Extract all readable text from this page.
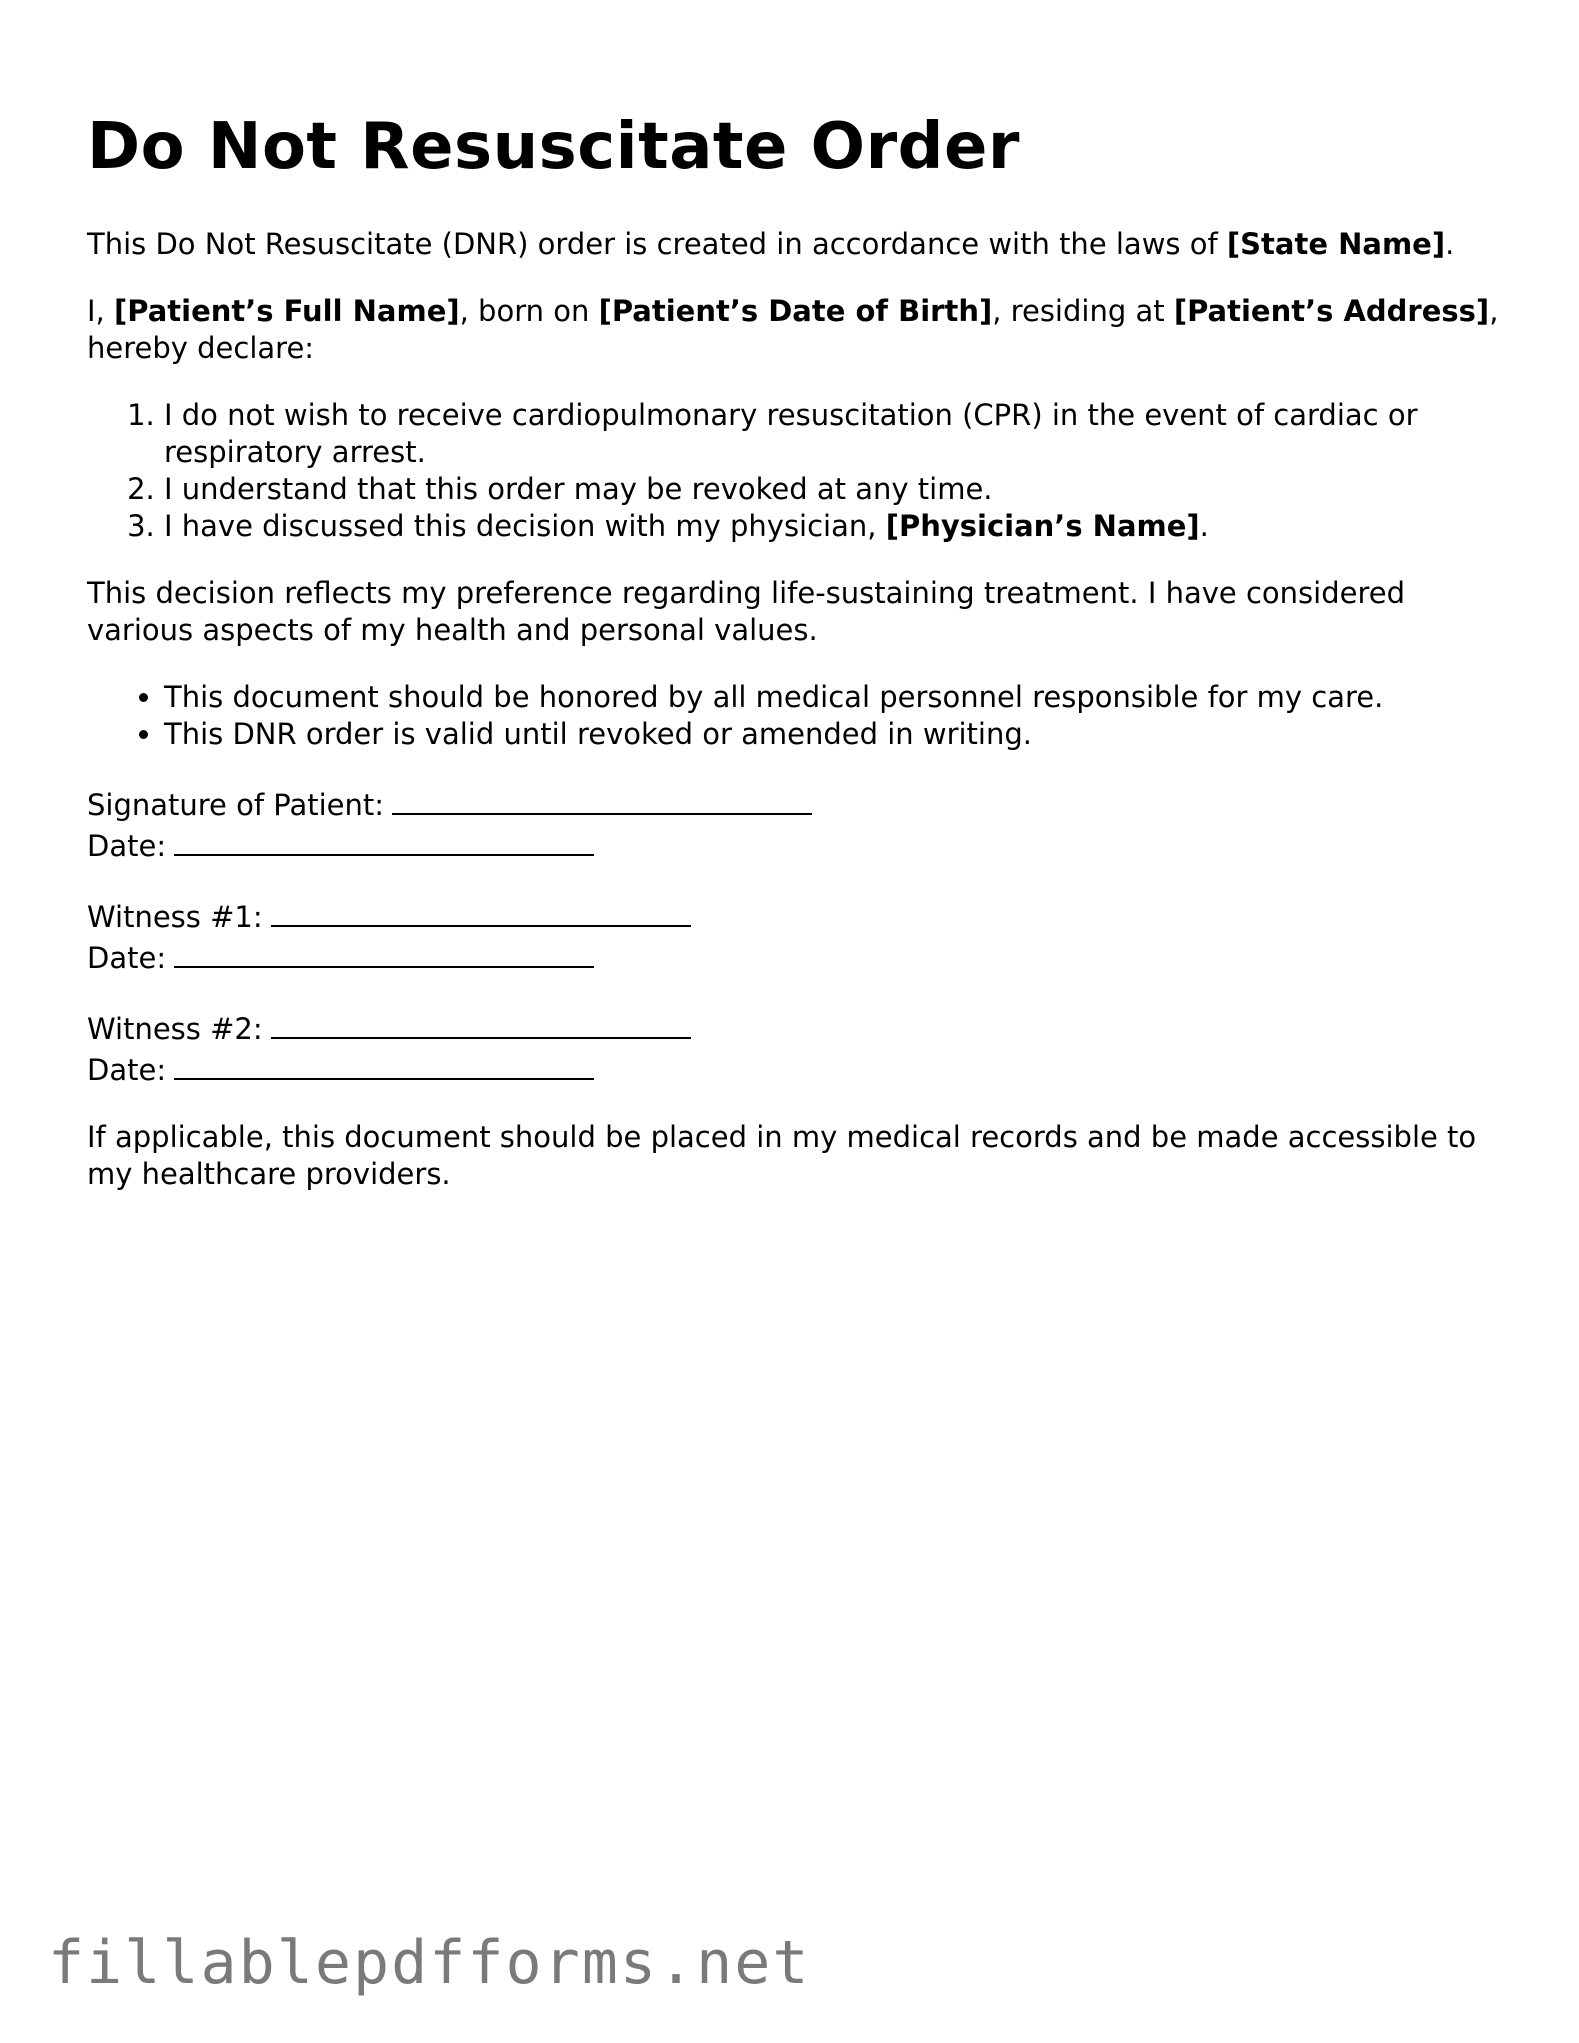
Do Not Resuscitate Order

This Do Not Resuscitate (DNR) order is created in accordance with the laws of [State Name].

I, [Patient’s Full Name], born on [Patient’s Date of Birth], residing at [Patient’s Address], hereby declare:

1. I do not wish to receive cardiopulmonary resuscitation (CPR) in the event of cardiac or respiratory arrest.
2. I understand that this order may be revoked at any time.
3. I have discussed this decision with my physician, [Physician’s Name].

This decision reflects my preference regarding life-sustaining treatment. I have considered various aspects of my health and personal values.

• This document should be honored by all medical personnel responsible for my care.
• This DNR order is valid until revoked or amended in writing.
Signature of Patient:
Date:
Witness #1:
Date:
Witness #2:
Date:

If applicable, this document should be placed in my medical records and be made accessible to my healthcare providers.

fillablepdfforms.net
